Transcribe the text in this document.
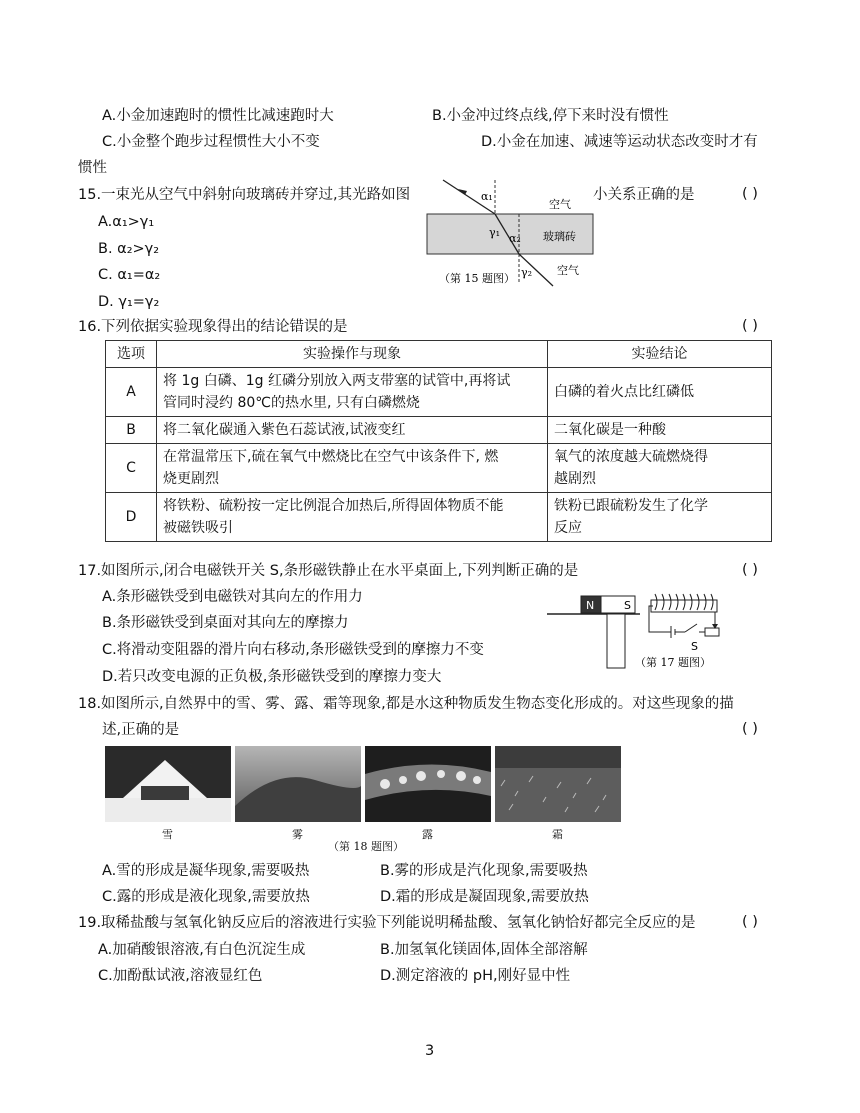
A.小金加速跑时的惯性比减速跑时大	B.小金冲过终点线,停下来时没有惯性
C.小金整个跑步过程惯性大小不变	D.小金在加速、减速等运动状态改变时才有
惯性
15.一束光从空气中斜射向玻璃砖并穿过,其光路如图	小关系正确的是	( )
A.α₁>γ₁
B. α₂>γ₂
C. α₁=α₂
D. γ₁=γ₂
α₁
γ₁ α₂
γ₂
空气
玻璃砖
空气
（第 15 题图）
16.下列依据实验现象得出的结论错误的是	( )
选项	实验操作与现象	实验结论
A	将 1g 白磷、1g 红磷分别放入两支带塞的试管中,再将试
管同时浸约 80℃的热水里, 只有白磷燃烧	白磷的着火点比红磷低
B	将二氧化碳通入紫色石蕊试液,试液变红	二氧化碳是一种酸
C	在常温常压下,硫在氧气中燃烧比在空气中该条件下, 燃
烧更剧烈	氧气的浓度越大硫燃烧得
越剧烈
D	将铁粉、硫粉按一定比例混合加热后,所得固体物质不能
被磁铁吸引	铁粉已跟硫粉发生了化学
反应
17.如图所示,闭合电磁铁开关 S,条形磁铁静止在水平桌面上,下列判断正确的是	( )
A.条形磁铁受到电磁铁对其向左的作用力
B.条形磁铁受到桌面对其向左的摩擦力
C.将滑动变阻器的滑片向右移动,条形磁铁受到的摩擦力不变
D.若只改变电源的正负极,条形磁铁受到的摩擦力变大
N	S
S
（第 17 题图）
18.如图所示,自然界中的雪、雾、露、霜等现象,都是水这种物质发生物态变化形成的。对这些现象的描
述,正确的是	( )
雪	雾	露	霜
（第 18 题图）
A.雪的形成是凝华现象,需要吸热	B.雾的形成是汽化现象,需要吸热
C.露的形成是液化现象,需要放热	D.霜的形成是凝固现象,需要放热
19.取稀盐酸与氢氧化钠反应后的溶液进行实验下列能说明稀盐酸、氢氧化钠恰好都完全反应的是	( )
A.加硝酸银溶液,有白色沉淀生成	B.加氢氧化镁固体,固体全部溶解
C.加酚酞试液,溶液显红色	D.测定溶液的 pH,刚好显中性
3
